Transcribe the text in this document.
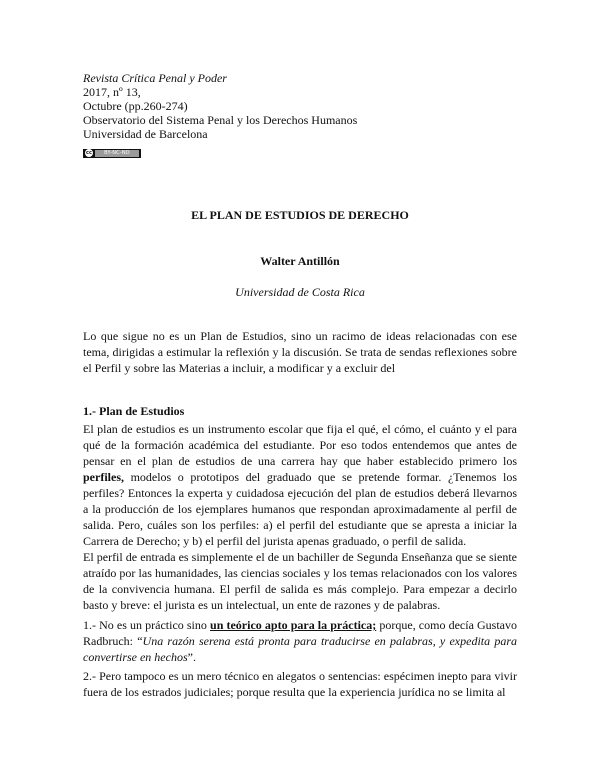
Revista Crítica Penal y Poder
2017, nº 13,
Octubre (pp.260-274)
Observatorio del Sistema Penal y los Derechos Humanos
Universidad de Barcelona
cc	BY-NC-ND
EL PLAN DE ESTUDIOS DE DERECHO
Walter Antillón
Universidad de Costa Rica
Lo que sigue no es un Plan de Estudios, sino un racimo de ideas relacionadas con ese tema, dirigidas a estimular la reflexión y la discusión. Se trata de sendas reflexiones sobre el Perfil y sobre las Materias a incluir, a modificar y a excluir del
1.- Plan de Estudios
El plan de estudios es un instrumento escolar que fija el qué, el cómo, el cuánto y el para qué de la formación académica del estudiante. Por eso todos entendemos que antes de pensar en el plan de estudios de una carrera hay que haber establecido primero los perfiles, modelos o prototipos del graduado que se pretende formar. ¿Tenemos los perfiles? Entonces la experta y cuidadosa ejecución del plan de estudios deberá llevarnos a la producción de los ejemplares humanos que respondan aproximadamente al perfil de salida. Pero, cuáles son los perfiles: a) el perfil del estudiante que se apresta a iniciar la Carrera de Derecho; y b) el perfil del jurista apenas graduado, o perfil de salida.
El perfil de entrada es simplemente el de un bachiller de Segunda Enseñanza que se siente atraído por las humanidades, las ciencias sociales y los temas relacionados con los valores de la convivencia humana. El perfil de salida es más complejo. Para empezar a decirlo basto y breve: el jurista es un intelectual, un ente de razones y de palabras.
1.- No es un práctico sino un teórico apto para la práctica; porque, como decía Gustavo Radbruch: “Una razón serena está pronta para traducirse en palabras, y expedita para convertirse en hechos”.
2.- Pero tampoco es un mero técnico en alegatos o sentencias: espécimen inepto para vivir fuera de los estrados judiciales; porque resulta que la experiencia jurídica no se limita al
